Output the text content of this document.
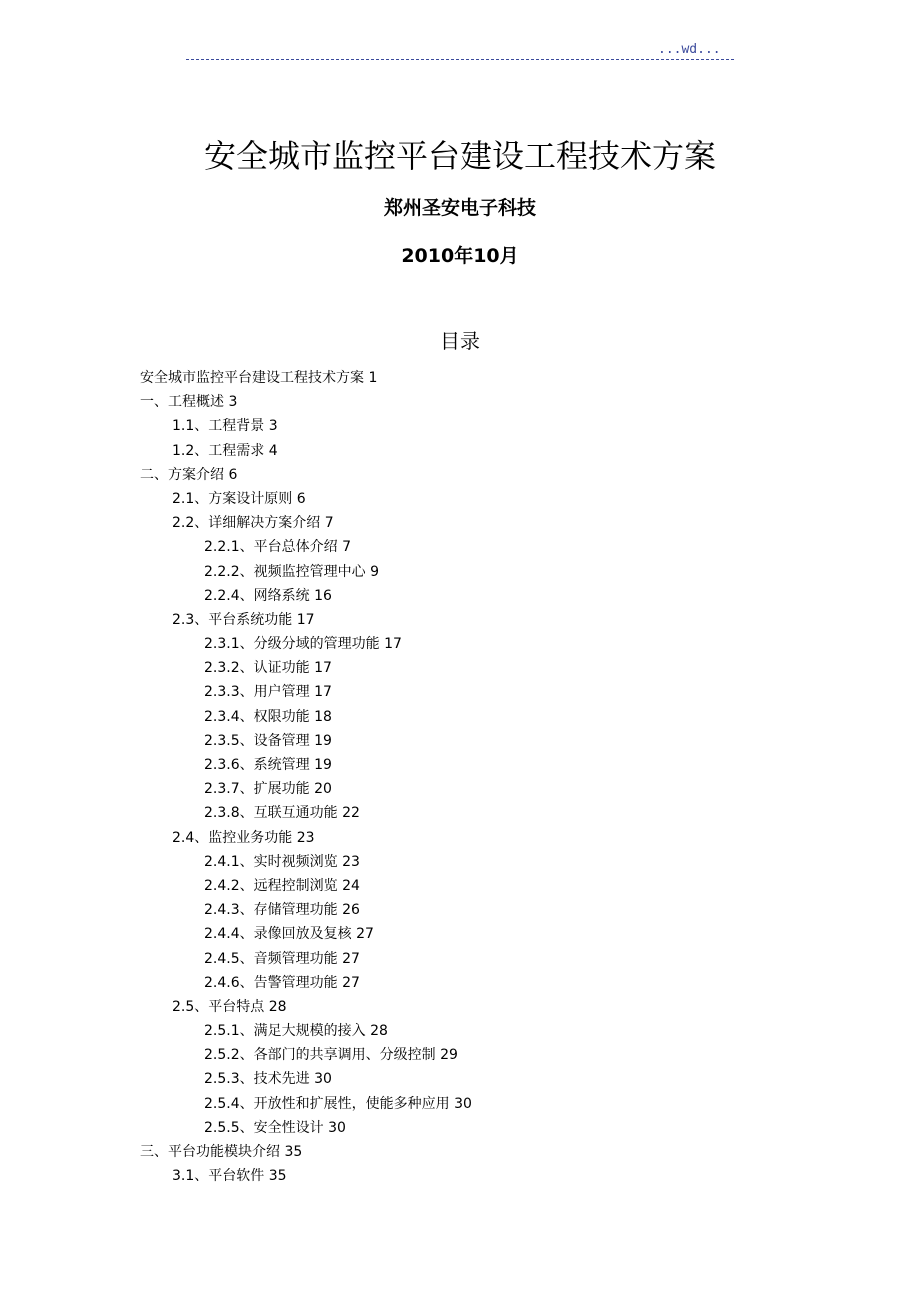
...wd...
安全城市监控平台建设工程技术方案
郑州圣安电子科技
2010年10月
目录
安全城市监控平台建设工程技术方案 1
一、工程概述 3
1.1、工程背景 3
1.2、工程需求 4
二、方案介绍 6
2.1、方案设计原则 6
2.2、详细解决方案介绍 7
2.2.1、平台总体介绍 7
2.2.2、视频监控管理中心 9
2.2.4、网络系统 16
2.3、平台系统功能 17
2.3.1、分级分域的管理功能 17
2.3.2、认证功能 17
2.3.3、用户管理 17
2.3.4、权限功能 18
2.3.5、设备管理 19
2.3.6、系统管理 19
2.3.7、扩展功能 20
2.3.8、互联互通功能 22
2.4、监控业务功能 23
2.4.1、实时视频浏览 23
2.4.2、远程控制浏览 24
2.4.3、存储管理功能 26
2.4.4、录像回放及复核 27
2.4.5、音频管理功能 27
2.4.6、告警管理功能 27
2.5、平台特点 28
2.5.1、满足大规模的接入 28
2.5.2、各部门的共享调用、分级控制 29
2.5.3、技术先进 30
2.5.4、开放性和扩展性，使能多种应用 30
2.5.5、安全性设计 30
三、平台功能模块介绍 35
3.1、平台软件 35
